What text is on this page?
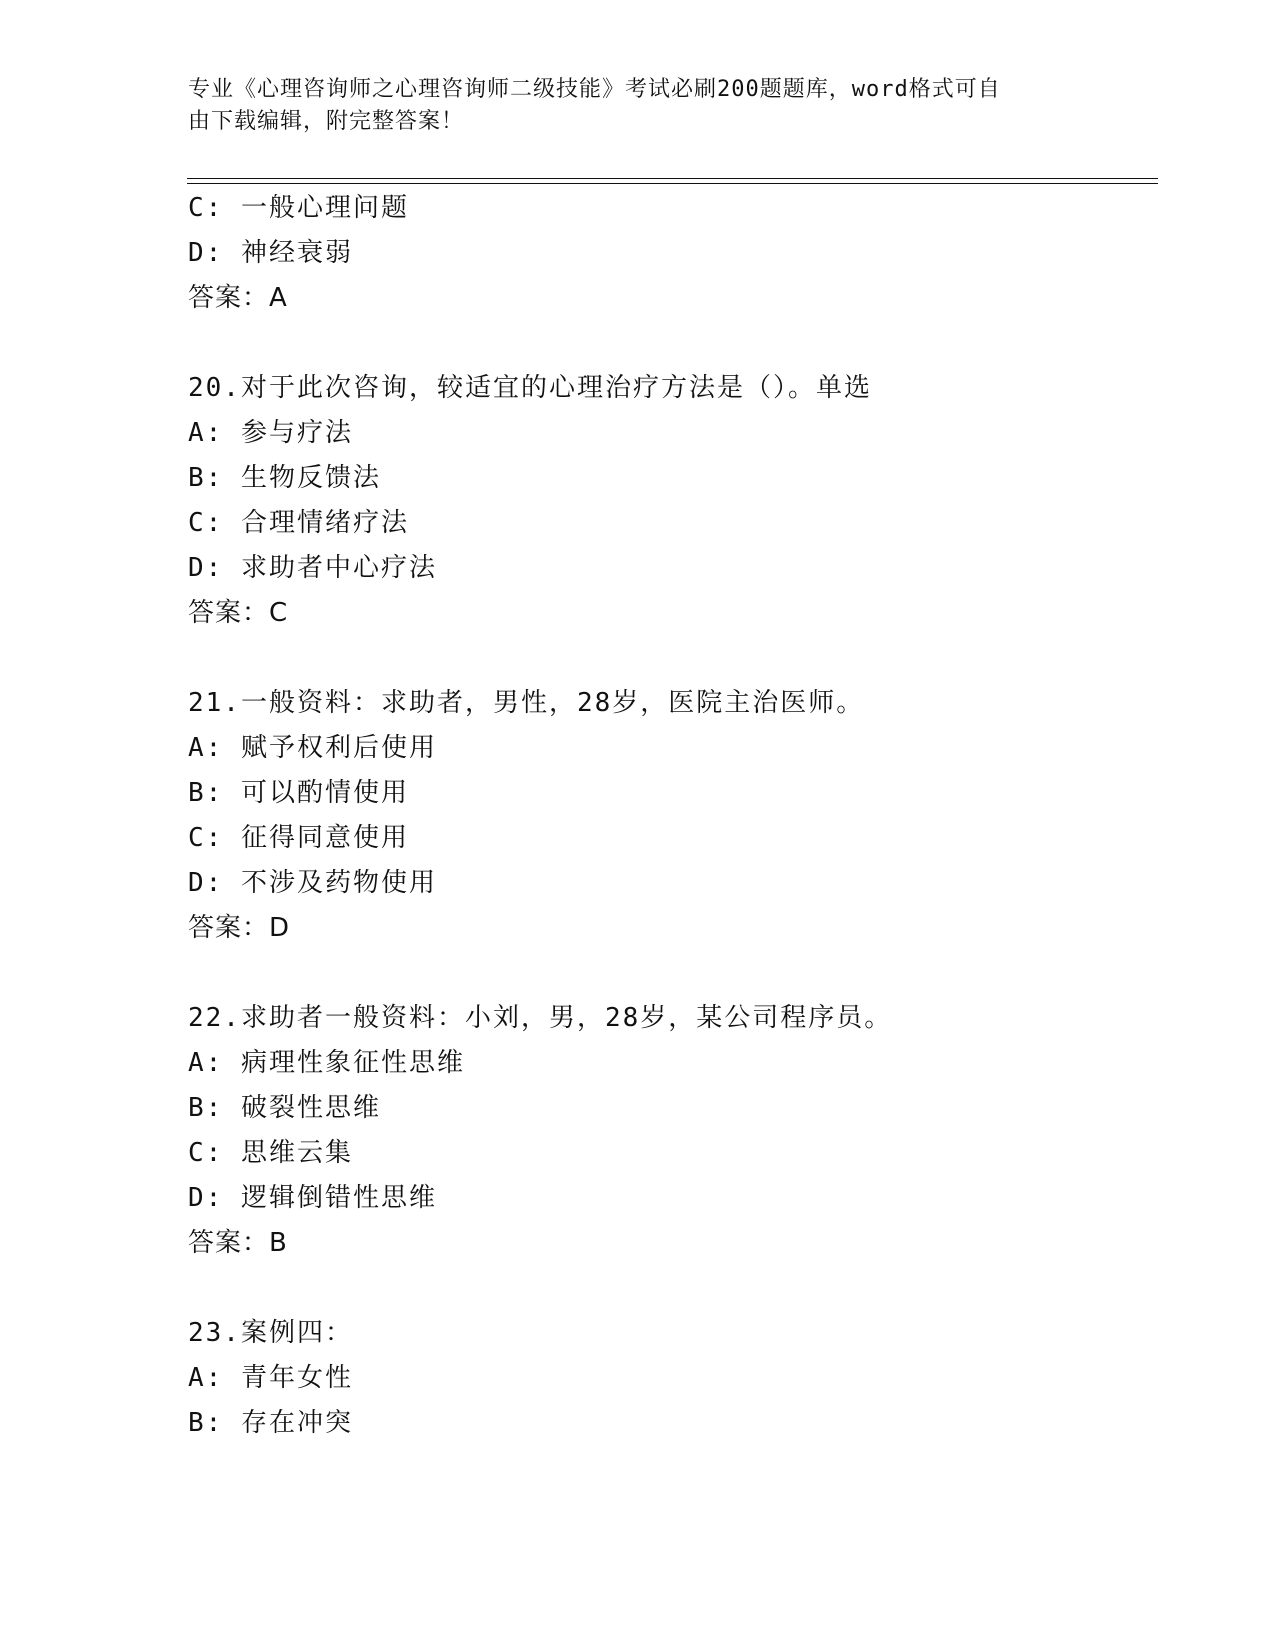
专业《心理咨询师之心理咨询师二级技能》考试必刷200题题库，word格式可自
由下载编辑，附完整答案！
C: 一般心理问题
D: 神经衰弱
答案：A
20.对于此次咨询，较适宜的心理治疗方法是（）。单选
A: 参与疗法
B: 生物反馈法
C: 合理情绪疗法
D: 求助者中心疗法
答案：C
21.一般资料：求助者，男性，28岁，医院主治医师。
A: 赋予权利后使用
B: 可以酌情使用
C: 征得同意使用
D: 不涉及药物使用
答案：D
22.求助者一般资料：小刘，男，28岁，某公司程序员。
A: 病理性象征性思维
B: 破裂性思维
C: 思维云集
D: 逻辑倒错性思维
答案：B
23.案例四：
A: 青年女性
B: 存在冲突
